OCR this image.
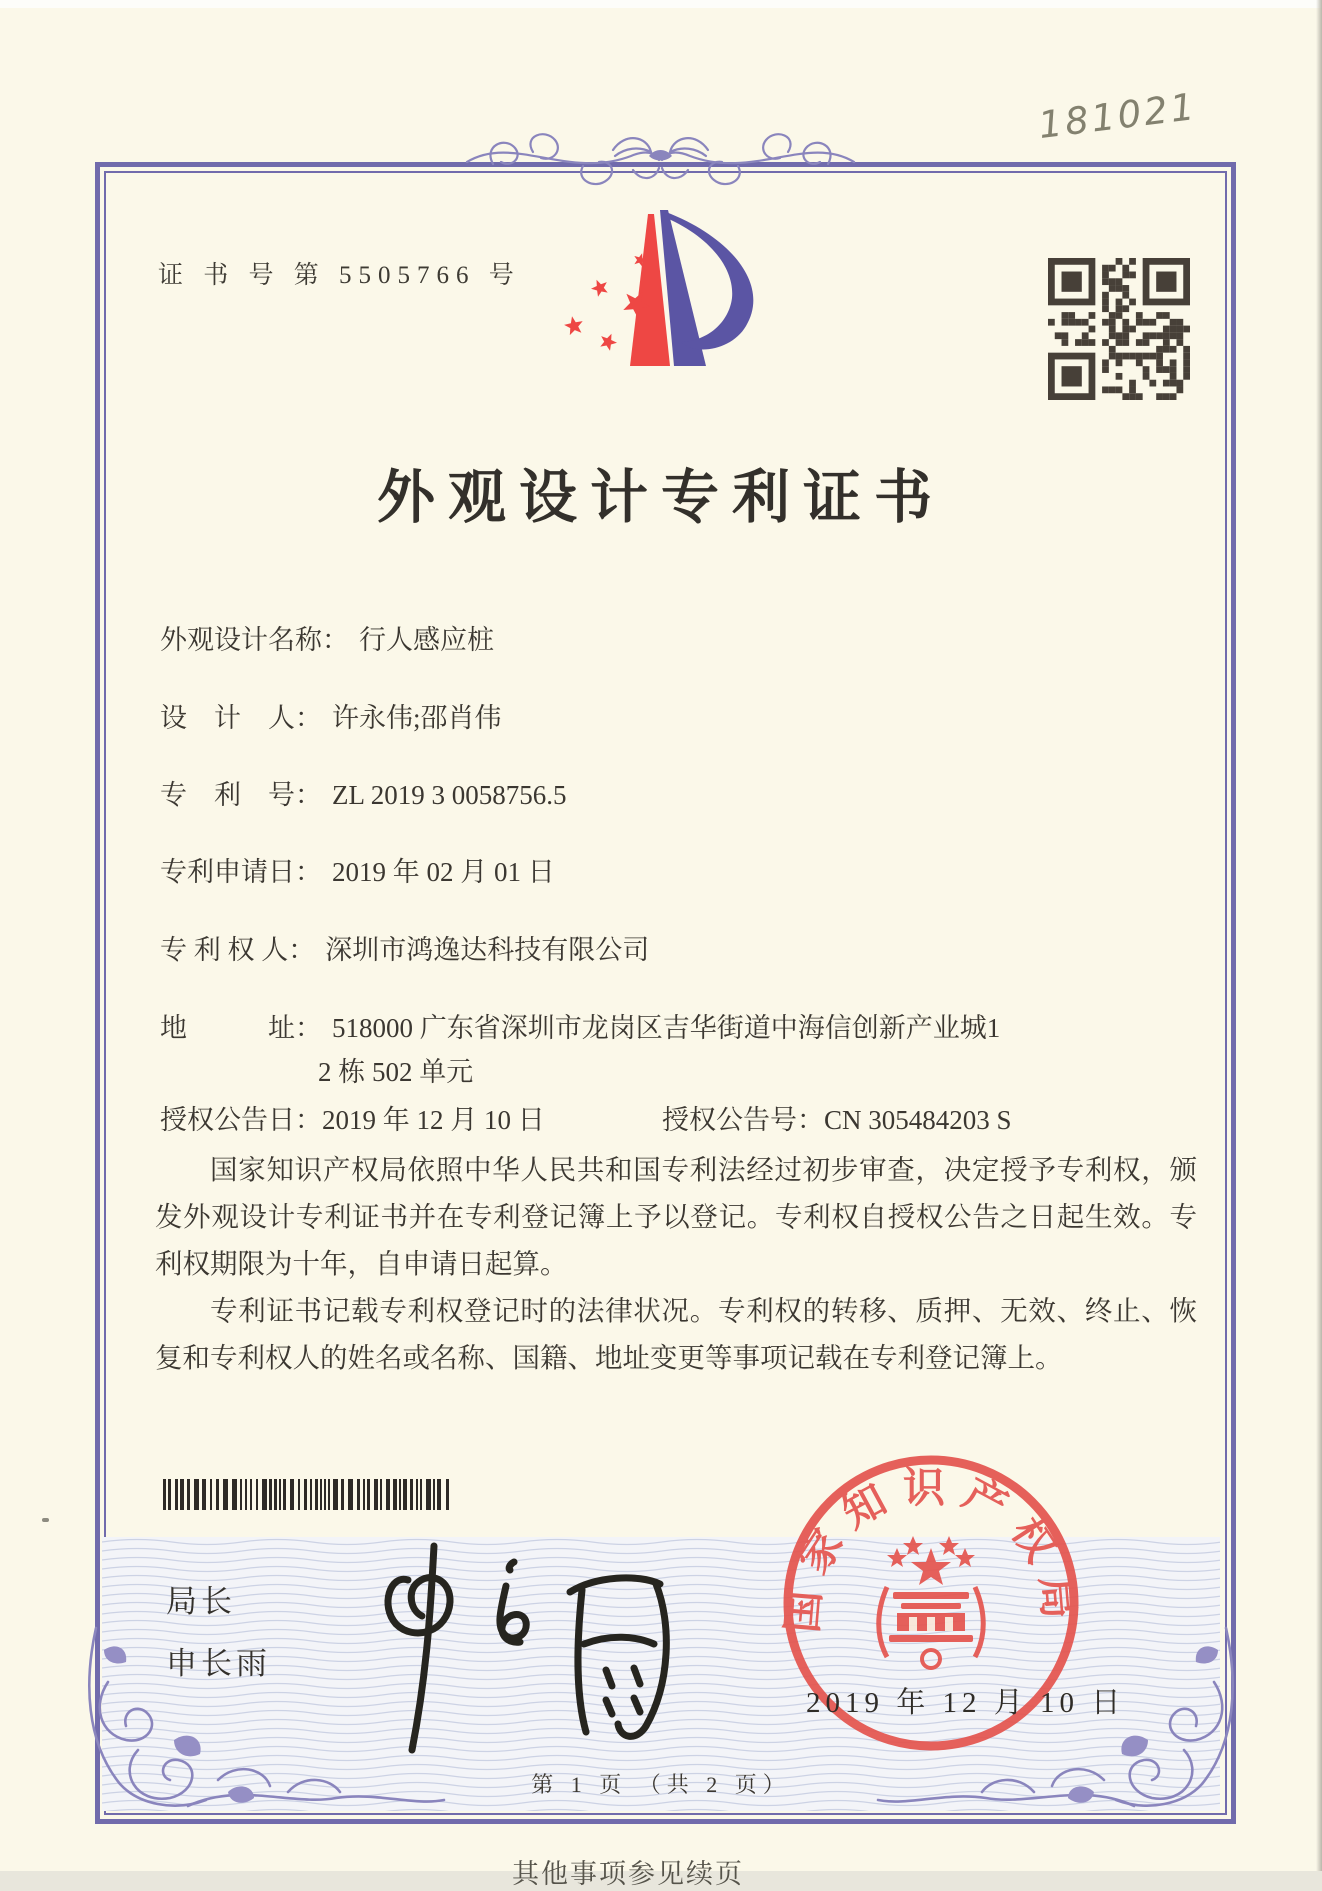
181021
证 书 号 第 5505766 号
外观设计专利证书
外观设计名称： 行人感应桩
设　计　人： 许永伟;邵肖伟
专　利　号： ZL 2019 3 0058756.5
专利申请日： 2019 年 02 月 01 日
专 利 权 人： 深圳市鸿逸达科技有限公司
地　　　址： 518000 广东省深圳市龙岗区吉华街道中海信创新产业城1
2 栋 502 单元
授权公告日：2019 年 12 月 10 日	授权公告号：CN 305484203 S

国家知识产权局依照中华人民共和国专利法经过初步审查，决定授予专利权，颁发外观设计专利证书并在专利登记簿上予以登记。专利权自授权公告之日起生效。专利权期限为十年，自申请日起算。

专利证书记载专利权登记时的法律状况。专利权的转移、质押、无效、终止、恢复和专利权人的姓名或名称、国籍、地址变更等事项记载在专利登记簿上。

局长
申长雨
国家知识产权局
2019 年 12 月 10 日
第 1 页 （共 2 页）
其他事项参见续页
